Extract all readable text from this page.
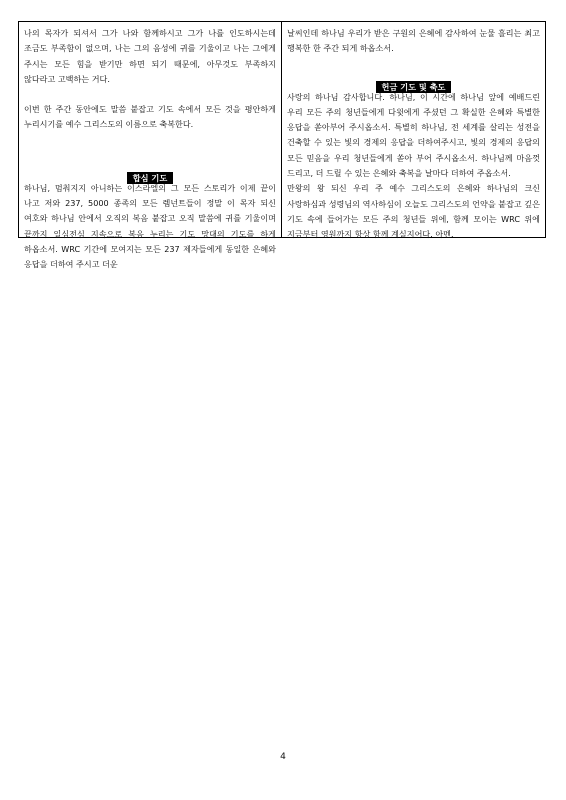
나의 목자가 되셔서 그가 나와 함께하시고 그가 나를 인도하시는데 조금도 부족함이 없으며, 나는 그의 음성에 귀를 기울이고 나는 그에게 주시는 모든 힘을 받기만 하면 되기 때문에, 아무것도 부족하지 않다라고 고백하는 거다.

이번 한 주간 동안에도 말씀 붙잡고 기도 속에서 모든 것을 평안하게 누리시기를 예수 그리스도의 이름으로 축복한다.

합심 기도

하나님, 멈춰지지 아니하는 이스라엘의 그 모든 스토리가 이제 끝이 나고 저와 237, 5000 종족의 모든 렘넌트들이 정말 이 목자 되신 여호와 하나님 안에서 오직의 복음 붙잡고 오직 말씀에 귀를 기울이며 끝까지 일심전심 지속으로 복음 누리는 기도 망대의 기도를 하게 하옵소서. WRC 기간에 모여지는 모든 237 제자들에게 동일한 은혜와 응답을 더하여 주시고 더운

날씨인데 하나님 우리가 받은 구원의 은혜에 감사하여 눈물 흘리는 최고 행복한 한 주간 되게 하옵소서.

헌금 기도 및 축도

사랑의 하나님 감사합니다. 하나님, 이 시간에 하나님 앞에 예배드린 우리 모든 주의 청년들에게 다윗에게 주셨던 그 확실한 은혜와 특별한 응답을 쏟아부어 주시옵소서. 특별히 하나님, 전 세계를 살리는 성전을 건축할 수 있는 빛의 경제의 응답을 더하여주시고, 빛의 경제의 응답의 모든 믿음을 우리 청년들에게 쏟아 부어 주시옵소서. 하나님께 마음껏 드리고, 더 드릴 수 있는 은혜와 축복을 날마다 더하여 주옵소서.

만왕의 왕 되신 우리 주 예수 그리스도의 은혜와 하나님의 크신 사랑하심과 성령님의 역사하심이 오늘도 그리스도의 언약을 붙잡고 깊은 기도 속에 들어가는 모든 주의 청년들 위에, 함께 모이는 WRC 위에 지금부터 영원까지 항상 함께 계실지어다. 아멘.

4
